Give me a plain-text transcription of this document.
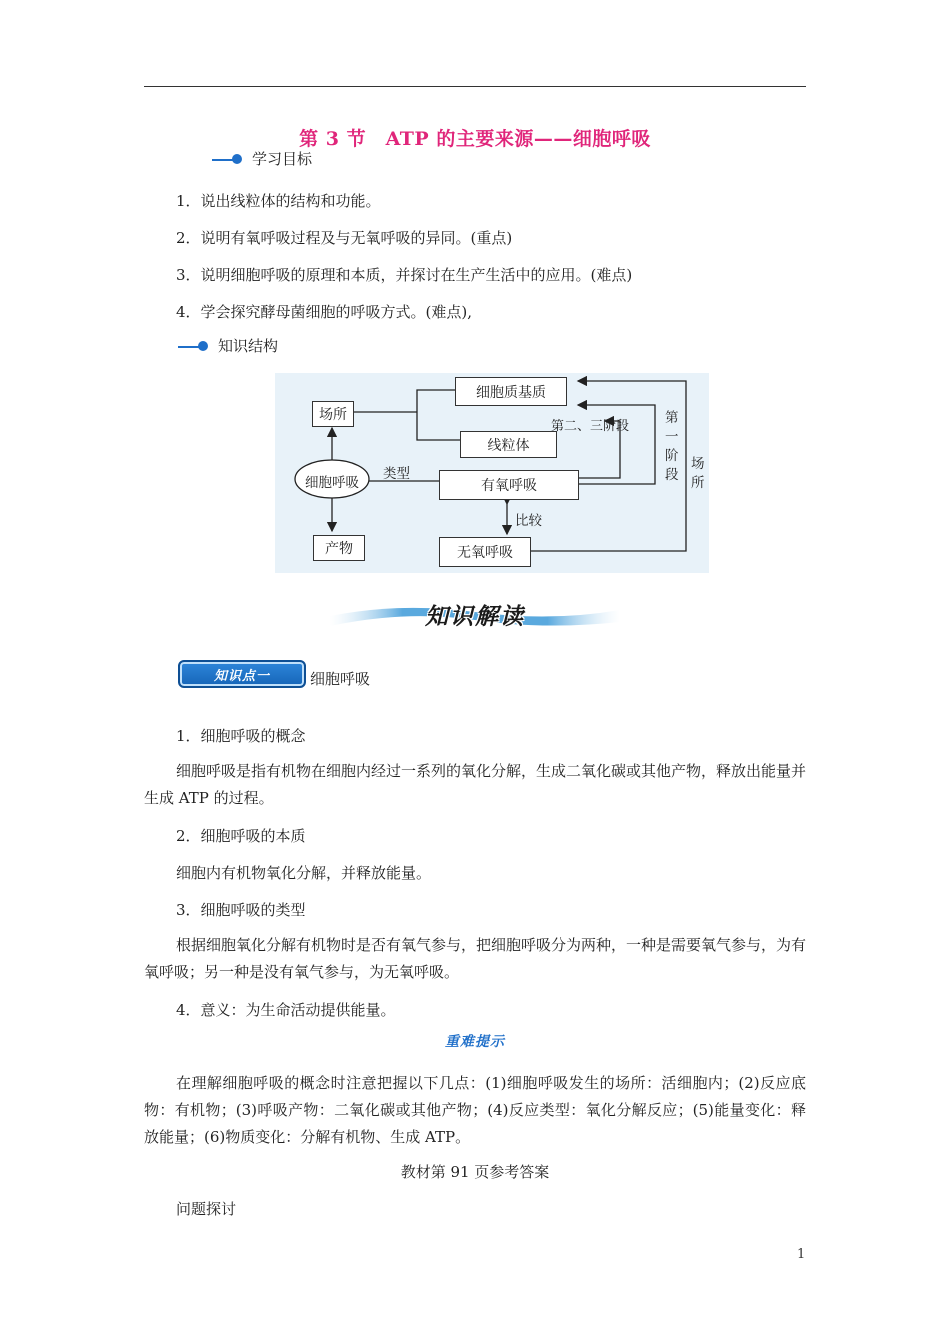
第 3 节　ATP 的主要来源——细胞呼吸
学习目标
1．说出线粒体的结构和功能。
2．说明有氧呼吸过程及与无氧呼吸的异同。(重点)
3．说明细胞呼吸的原理和本质，并探讨在生产生活中的应用。(难点)
4．学会探究酵母菌细胞的呼吸方式。(难点),
知识结构
细胞呼吸
场所
产物
细胞质基质
线粒体
有氧呼吸
无氧呼吸
类型
比较
第二、三阶段
第一阶段
场所
知识解读
知识点一	细胞呼吸
1．细胞呼吸的概念
细胞呼吸是指有机物在细胞内经过一系列的氧化分解，生成二氧化碳或其他产物，释放出能量并生成 ATP 的过程。
2．细胞呼吸的本质
细胞内有机物氧化分解，并释放能量。
3．细胞呼吸的类型
根据细胞氧化分解有机物时是否有氧气参与，把细胞呼吸分为两种，一种是需要氧气参与，为有氧呼吸；另一种是没有氧气参与，为无氧呼吸。
4．意义：为生命活动提供能量。
重难提示
在理解细胞呼吸的概念时注意把握以下几点：(1)细胞呼吸发生的场所：活细胞内；(2)反应底物：有机物；(3)呼吸产物：二氧化碳或其他产物；(4)反应类型：氧化分解反应；(5)能量变化：释放能量；(6)物质变化：分解有机物、生成 ATP。
教材第 91 页参考答案
问题探讨
1
